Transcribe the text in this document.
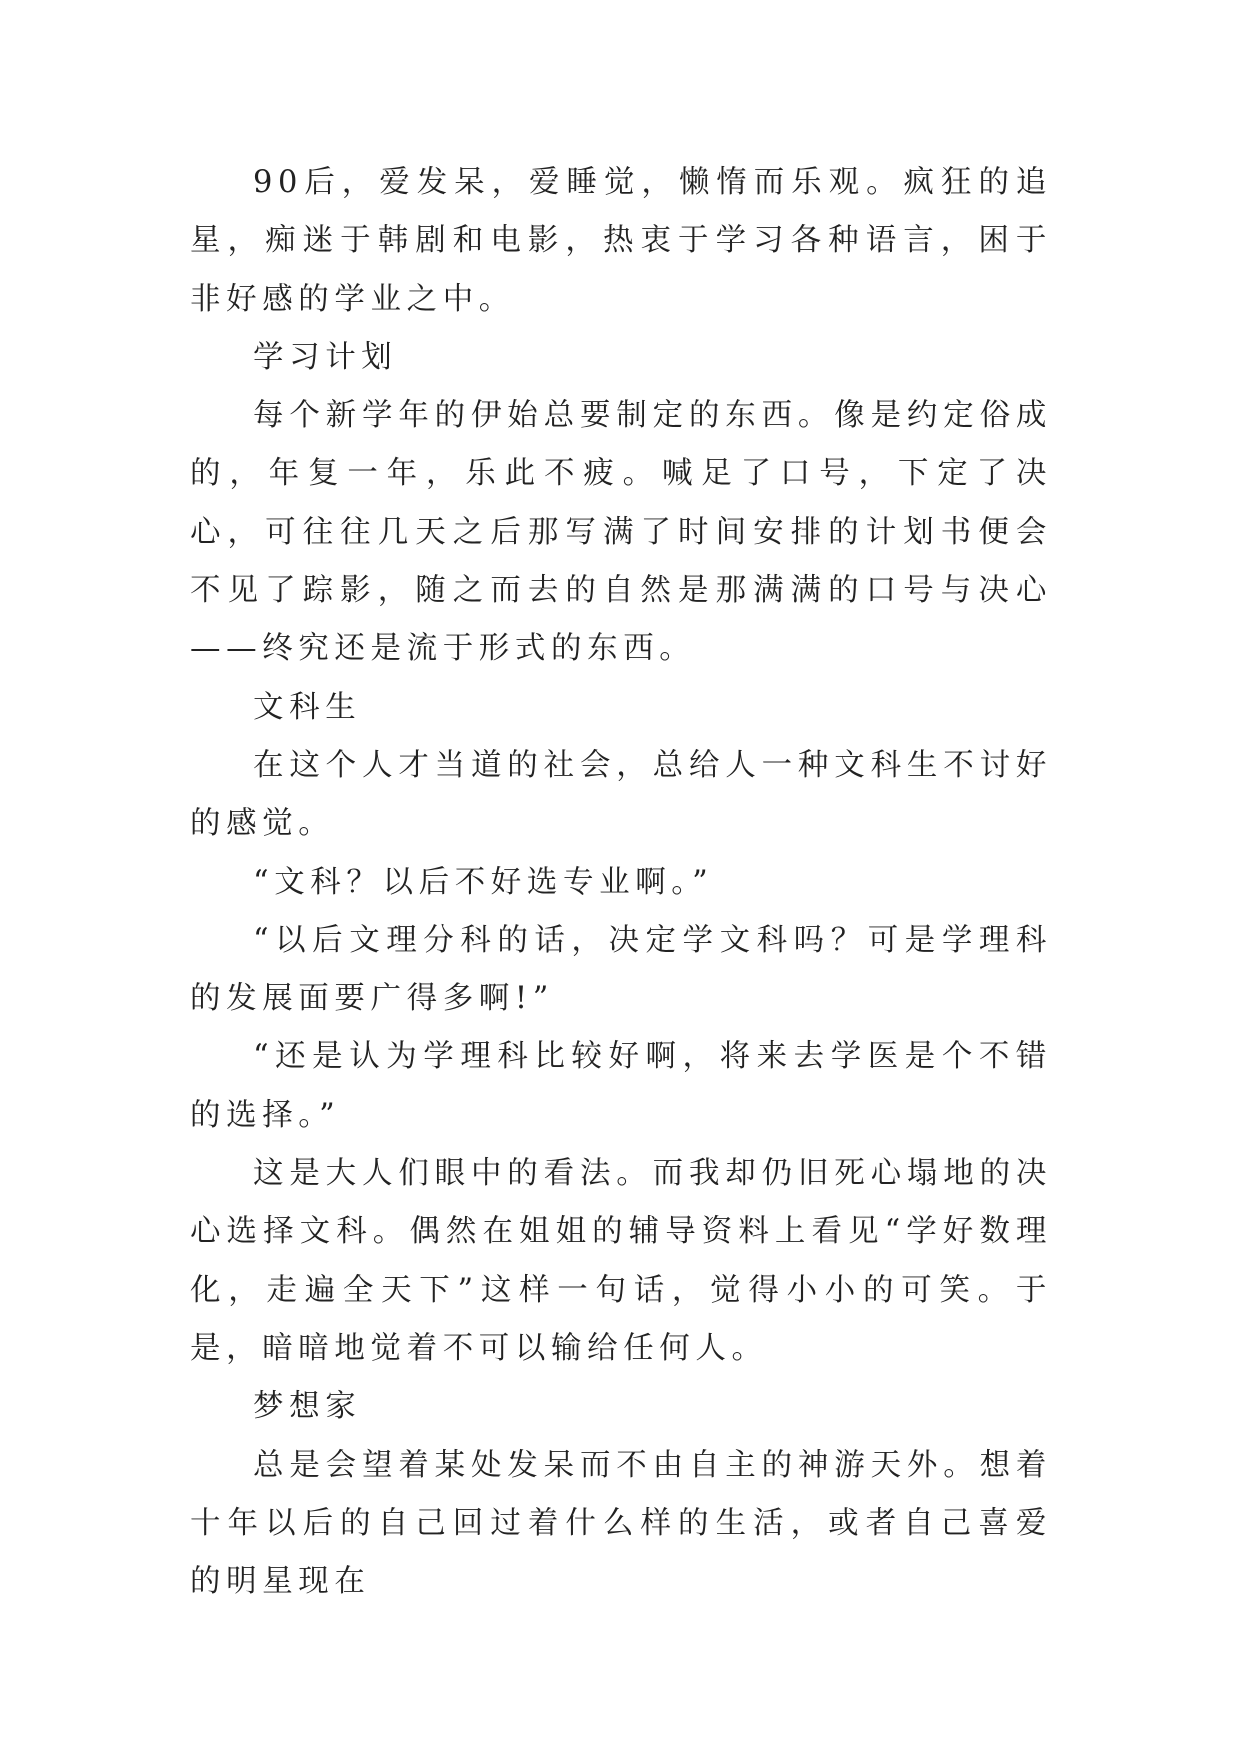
90后，爱发呆，爱睡觉，懒惰而乐观。疯狂的追星，痴迷于韩剧和电影，热衷于学习各种语言，困于非好感的学业之中。

学习计划

每个新学年的伊始总要制定的东西。像是约定俗成的，年复一年，乐此不疲。喊足了口号，下定了决心，可往往几天之后那写满了时间安排的计划书便会不见了踪影，随之而去的自然是那满满的口号与决心——终究还是流于形式的东西。

文科生

在这个人才当道的社会，总给人一种文科生不讨好的感觉。

“文科？以后不好选专业啊。”

“以后文理分科的话，决定学文科吗？可是学理科的发展面要广得多啊!”

“还是认为学理科比较好啊，将来去学医是个不错的选择。”

这是大人们眼中的看法。而我却仍旧死心塌地的决心选择文科。偶然在姐姐的辅导资料上看见“学好数理化，走遍全天下”这样一句话，觉得小小的可笑。于是，暗暗地觉着不可以输给任何人。

梦想家

总是会望着某处发呆而不由自主的神游天外。想着十年以后的自己回过着什么样的生活，或者自己喜爱的明星现在
